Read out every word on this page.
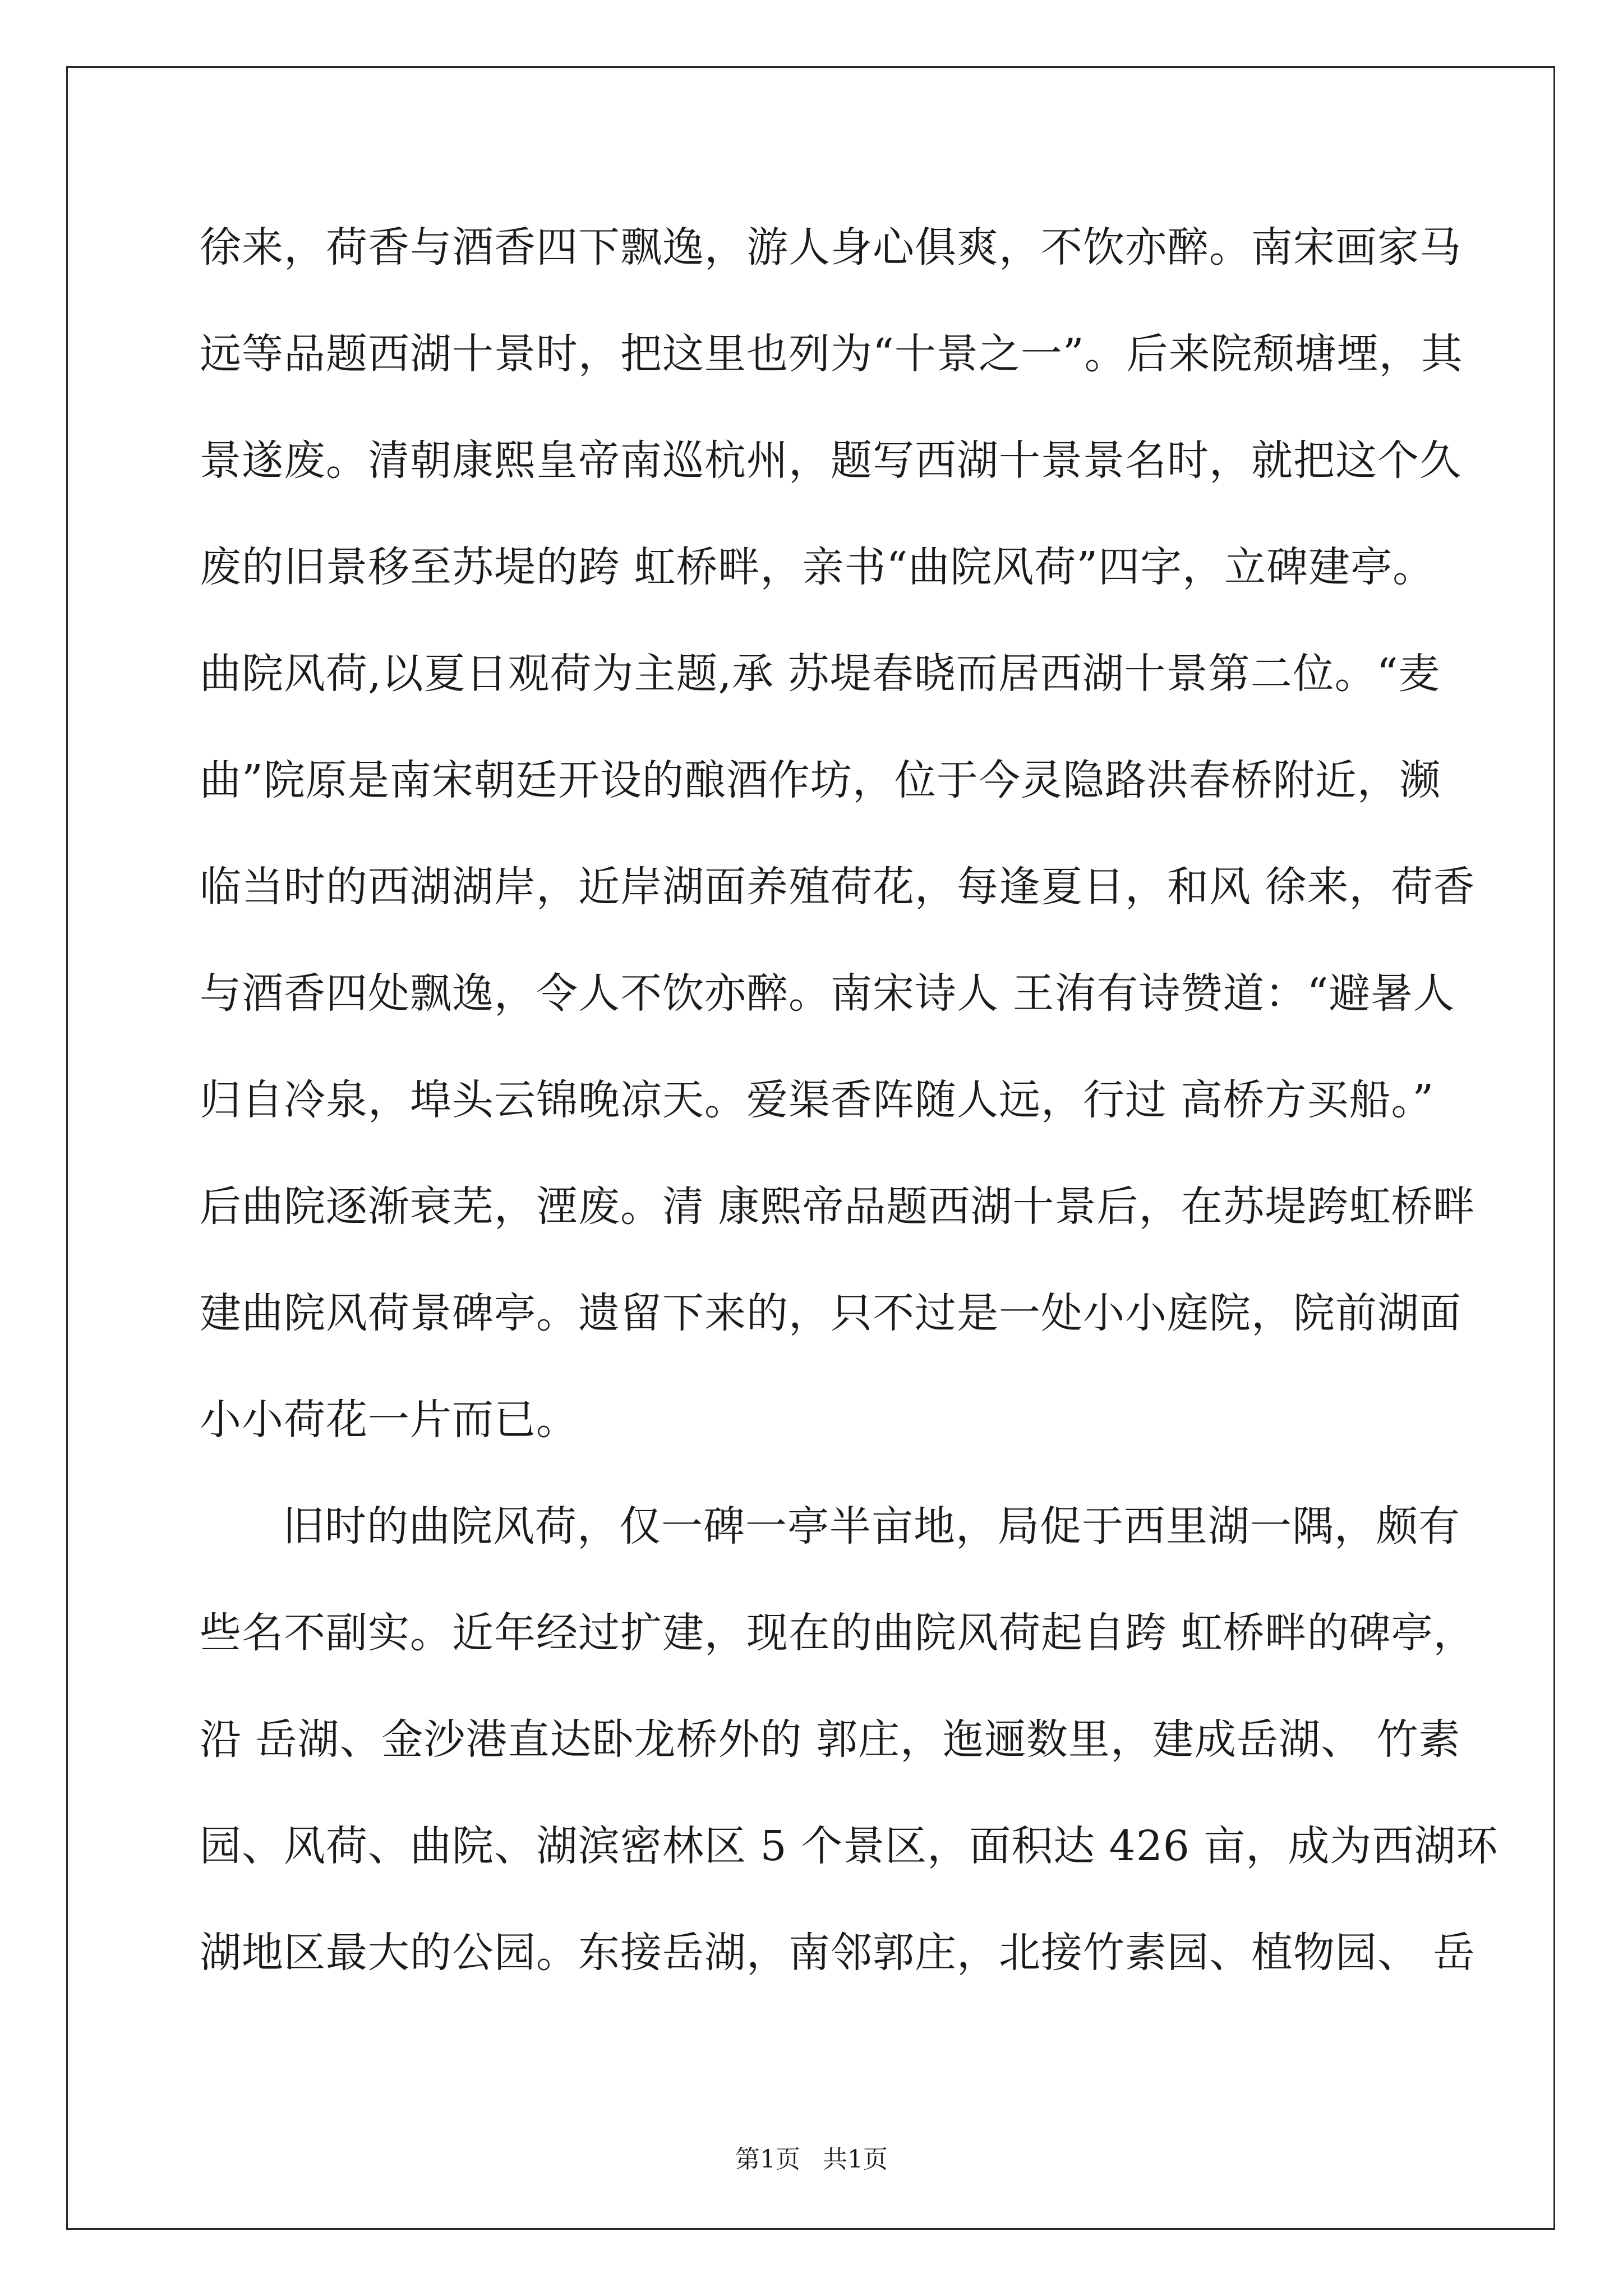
徐来，荷香与酒香四下飘逸，游人身心俱爽，不饮亦醉。南宋画家马
远等品题西湖十景时，把这里也列为“十景之一”。后来院颓塘堙，其
景遂废。清朝康熙皇帝南巡杭州，题写西湖十景景名时，就把这个久
废的旧景移至苏堤的跨 虹桥畔，亲书“曲院风荷”四字，立碑建亭。
曲院风荷,以夏日观荷为主题,承 苏堤春晓而居西湖十景第二位。“麦
曲”院原是南宋朝廷开设的酿酒作坊，位于今灵隐路洪春桥附近，濒
临当时的西湖湖岸，近岸湖面养殖荷花，每逢夏日，和风 徐来，荷香
与酒香四处飘逸，令人不饮亦醉。南宋诗人 王洧有诗赞道：“避暑人
归自冷泉，埠头云锦晚凉天。爱渠香阵随人远，行过 高桥方买船。”
后曲院逐渐衰芜，湮废。清 康熙帝品题西湖十景后，在苏堤跨虹桥畔
建曲院风荷景碑亭。遗留下来的，只不过是一处小小庭院，院前湖面
小小荷花一片而已。
旧时的曲院风荷，仅一碑一亭半亩地，局促于西里湖一隅，颇有
些名不副实。近年经过扩建，现在的曲院风荷起自跨 虹桥畔的碑亭，
沿 岳湖、金沙港直达卧龙桥外的 郭庄，迤逦数里，建成岳湖、 竹素
园、风荷、曲院、湖滨密林区 5 个景区，面积达 426 亩，成为西湖环
湖地区最大的公园。东接岳湖，南邻郭庄，北接竹素园、植物园、 岳
第1页 共1页
